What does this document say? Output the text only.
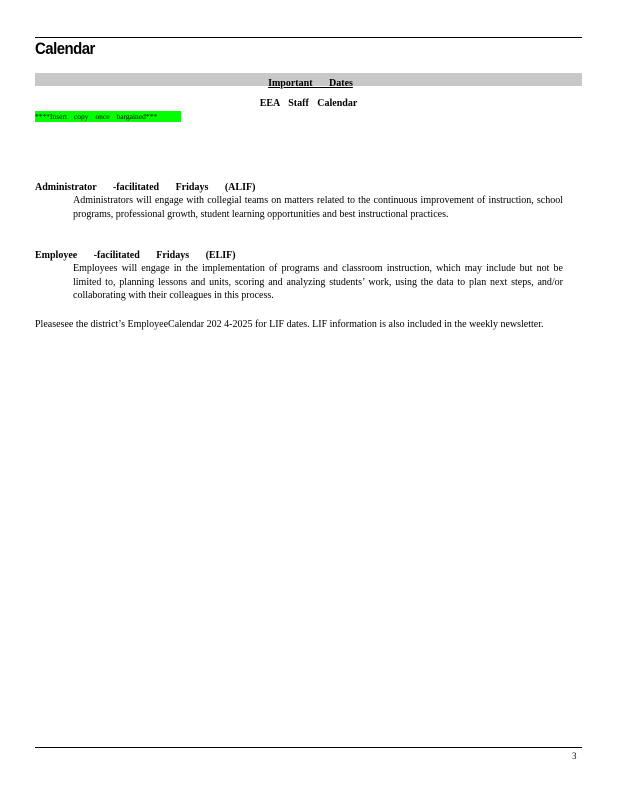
Calendar
Important Dates
EEA Staff Calendar
****Insert copy once bargained***
Administrator -facilitated Fridays (ALIF)
Administrators will engage with collegial teams on matters related to the continuous improvement of instruction, school programs, professional growth, student learning opportunities and best instructional practices.
Employee -facilitated Fridays (ELIF)
Employees will engage in the implementation of programs and classroom instruction, which may include but not be limited to, planning lessons and units, scoring and analyzing students’ work, using the data to plan next steps, and/or collaborating with their colleagues in this process.
Pleasesee the district’s EmployeeCalendar 202 4-2025 for LIF dates. LIF information is also included in the weekly newsletter.
3
